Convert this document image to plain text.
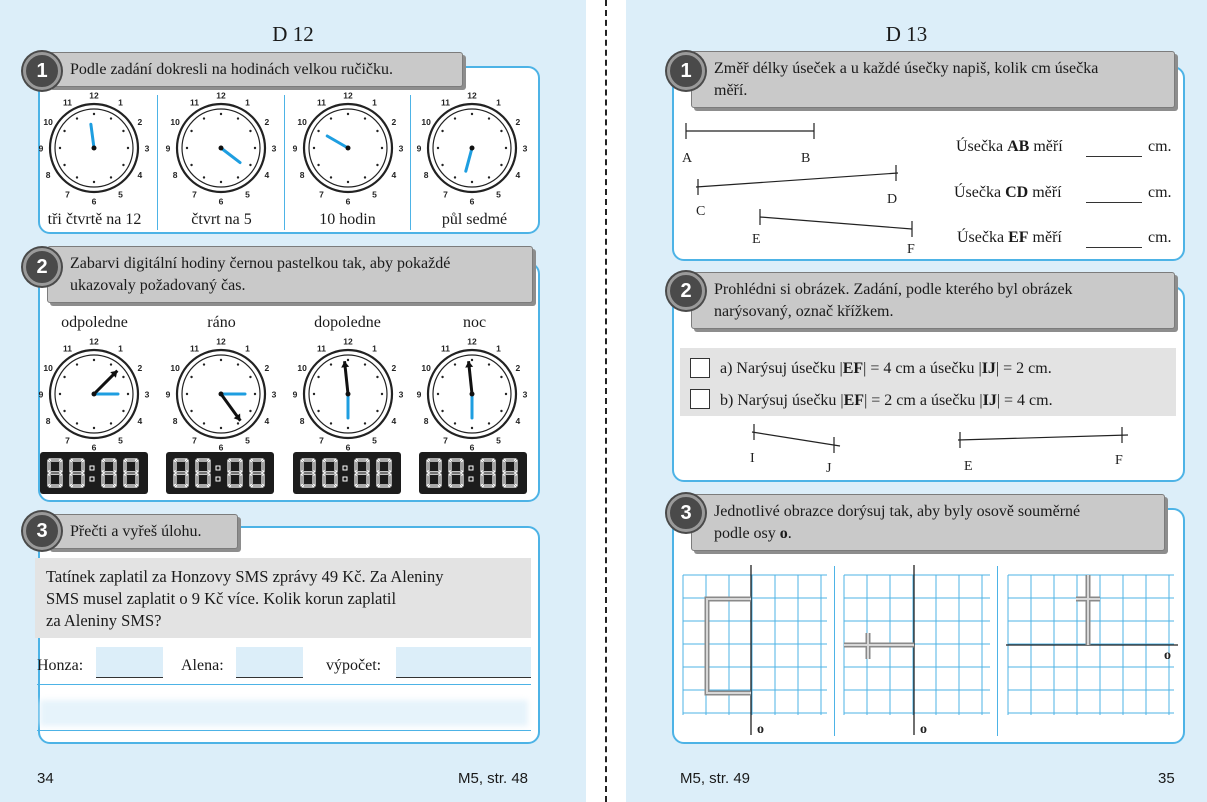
D 12
1	Podle zadání dokresli na hodinách velkou ručičku.
12
1
2
3
4
5
6
7
8
9
10
11
12
1
2
3
4
5
6
7
8
9
10
11
12
1
2
3
4
5
6
7
8
9
10
11
12
1
2
3
4
5
6
7
8
9
10
11
tři čtvrtě na 12	čtvrt na 5	10 hodin	půl sedmé
2	Zabarvi digitální hodiny černou pastelkou tak, aby pokaždé
ukazovaly požadovaný čas.
odpoledne	ráno	dopoledne	noc
12
1
2
3
4
5
6
7
8
9
10
11
12
1
2
3
4
5
6
7
8
9
10
11
12
1
2
3
4
5
6
7
8
9
10
11
12
1
2
3
4
5
6
7
8
9
10
11
3	Přečti a vyřeš úlohu.
Tatínek zaplatil za Honzovy SMS zprávy 49 Kč. Za Aleniny
SMS musel zaplatit o 9 Kč více. Kolik korun zaplatil
za Aleniny SMS?
Honza:	Alena:	výpočet:
34	M5, str. 48
D 13
1	Změř délky úseček a u každé úsečky napiš, kolik cm úsečka
měří.
A	B
C
D
E
F
Úsečka AB měří	cm.
Úsečka CD měří	cm.
Úsečka EF měří	cm.
2	Prohlédni si obrázek. Zadání, podle kterého byl obrázek
narýsovaný, označ křížkem.
a) Narýsuj úsečku |EF| = 4 cm a úsečku |IJ| = 2 cm.
b) Narýsuj úsečku |EF| = 2 cm a úsečku |IJ| = 4 cm.
I
J	E	F
3	Jednotlivé obrazce dorýsuj tak, aby byly osově souměrné
podle osy o.
o	o
o
M5, str. 49	35
